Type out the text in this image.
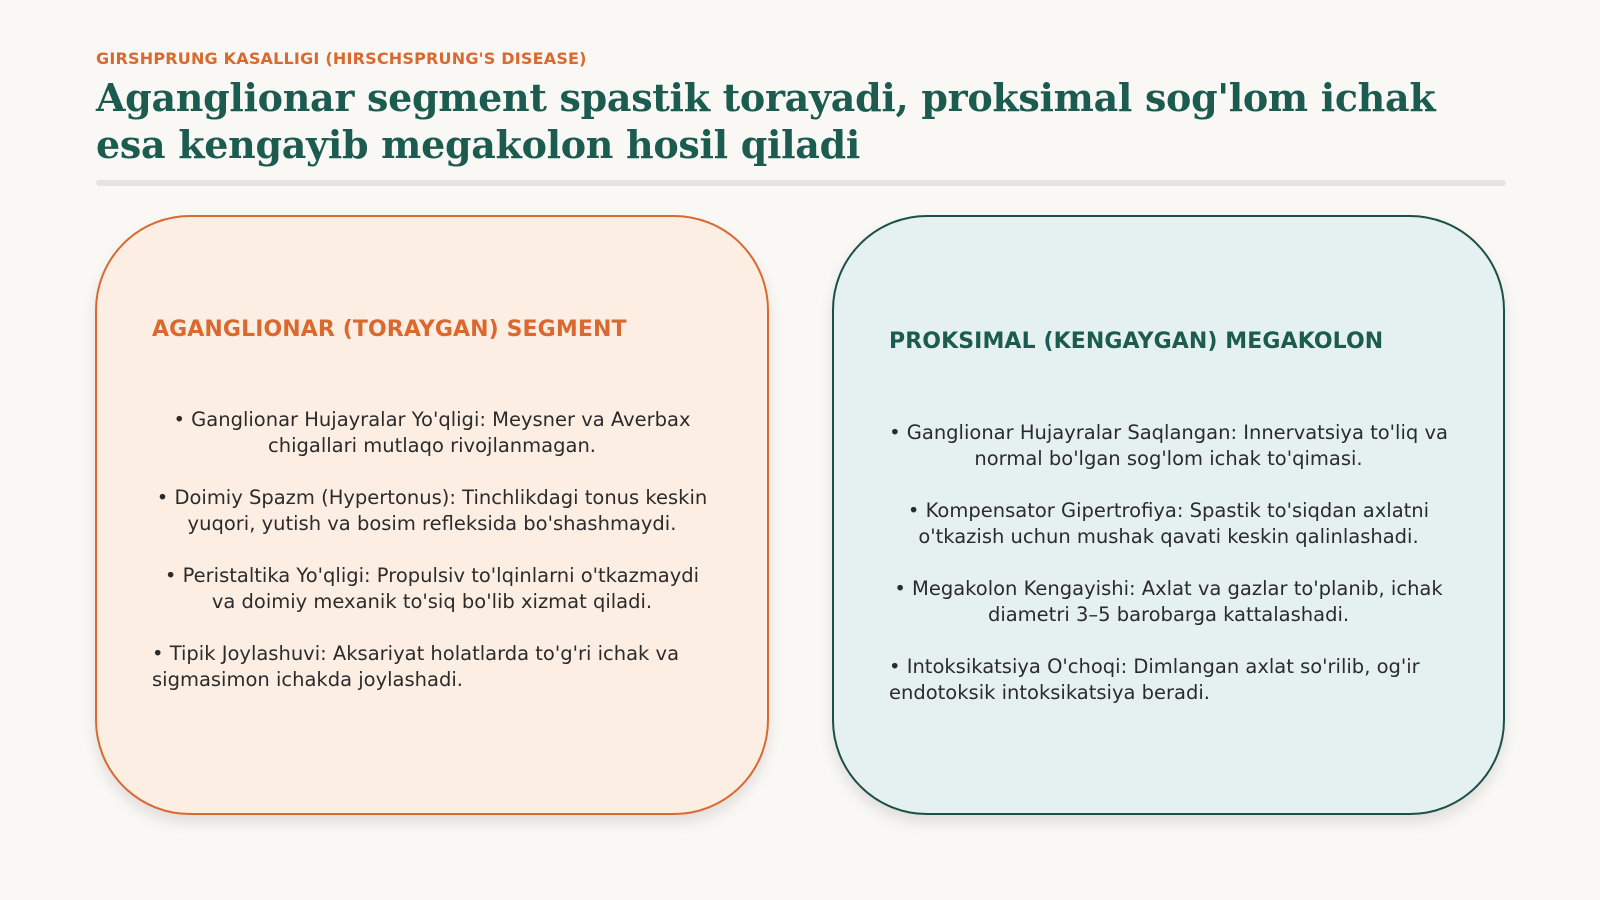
GIRSHPRUNG KASALLIGI (HIRSCHSPRUNG'S DISEASE)
Aganglionar segment spastik torayadi, proksimal sog'lom ichak esa kengayib megakolon hosil qiladi
AGANGLIONAR (TORAYGAN) SEGMENT
• Ganglionar Hujayralar Yo'qligi: Meysner va Averbax chigallari mutlaqo rivojlanmagan.
• Doimiy Spazm (Hypertonus): Tinchlikdagi tonus keskin yuqori, yutish va bosim refleksida bo'shashmaydi.
• Peristaltika Yo'qligi: Propulsiv to'lqinlarni o'tkazmaydi va doimiy mexanik to'siq bo'lib xizmat qiladi.
• Tipik Joylashuvi: Aksariyat holatlarda to'g'ri ichak va sigmasimon ichakda joylashadi.
PROKSIMAL (KENGAYGAN) MEGAKOLON
• Ganglionar Hujayralar Saqlangan: Innervatsiya to'liq va normal bo'lgan sog'lom ichak to'qimasi.
• Kompensator Gipertrofiya: Spastik to'siqdan axlatni o'tkazish uchun mushak qavati keskin qalinlashadi.
• Megakolon Kengayishi: Axlat va gazlar to'planib, ichak diametri 3–5 barobarga kattalashadi.
• Intoksikatsiya O'choqi: Dimlangan axlat so'rilib, og'ir endotoksik intoksikatsiya beradi.
